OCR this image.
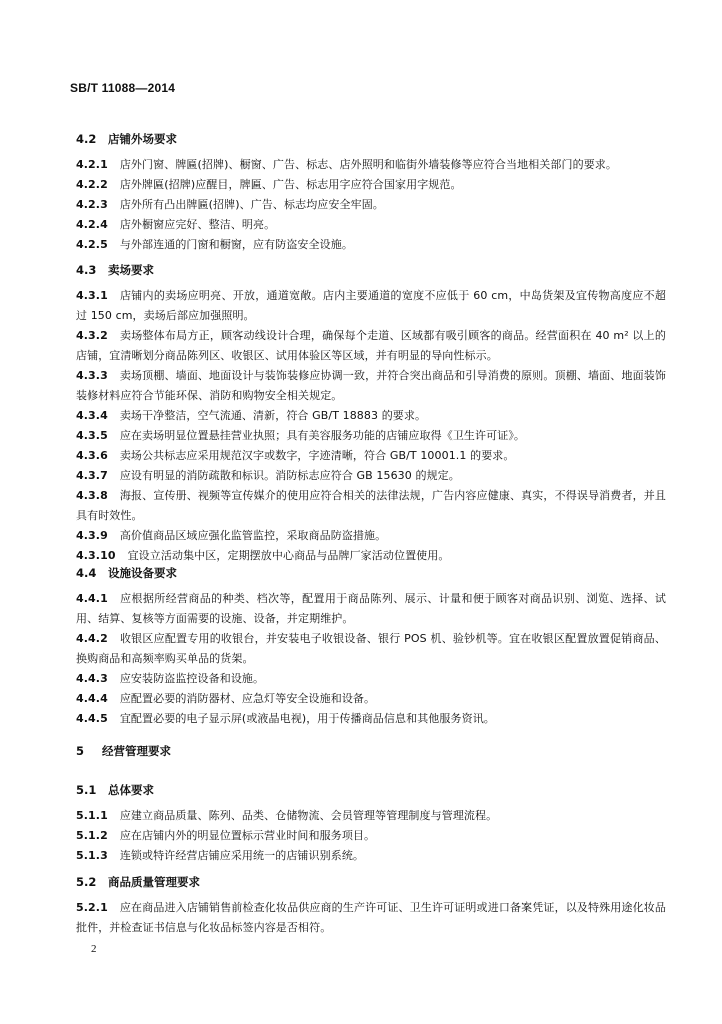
SB/T 11088—2014
4.2 店铺外场要求
4.2.1 店外门窗、牌匾(招牌)、橱窗、广告、标志、店外照明和临街外墙装修等应符合当地相关部门的要求。
4.2.2 店外牌匾(招牌)应醒目，牌匾、广告、标志用字应符合国家用字规范。
4.2.3 店外所有凸出牌匾(招牌)、广告、标志均应安全牢固。
4.2.4 店外橱窗应完好、整洁、明亮。
4.2.5 与外部连通的门窗和橱窗，应有防盗安全设施。
4.3 卖场要求
4.3.1 店铺内的卖场应明亮、开放，通道宽敞。店内主要通道的宽度不应低于 60 cm，中岛货架及宜传物高度应不超过 150 cm，卖场后部应加强照明。
4.3.2 卖场整体布局方正，顾客动线设计合理，确保每个走道、区域都有吸引顾客的商品。经营面积在 40 m² 以上的店铺，宜清晰划分商品陈列区、收银区、试用体验区等区域，并有明显的导向性标示。
4.3.3 卖场顶棚、墙面、地面设计与装饰装修应协调一致，并符合突出商品和引导消费的原则。顶棚、墙面、地面装饰装修材料应符合节能环保、消防和购物安全相关规定。
4.3.4 卖场干净整洁，空气流通、清新，符合 GB/T 18883 的要求。
4.3.5 应在卖场明显位置悬挂营业执照；具有美容服务功能的店铺应取得《卫生许可证》。
4.3.6 卖场公共标志应采用规范汉字或数字，字迹清晰，符合 GB/T 10001.1 的要求。
4.3.7 应设有明显的消防疏散和标识。消防标志应符合 GB 15630 的规定。
4.3.8 海报、宣传册、视频等宣传媒介的使用应符合相关的法律法规，广告内容应健康、真实，不得误导消费者，并且具有时效性。
4.3.9 高价值商品区域应强化监管监控，采取商品防盗措施。
4.3.10 宜设立活动集中区，定期摆放中心商品与品牌厂家活动位置使用。
4.4 设施设备要求
4.4.1 应根据所经营商品的种类、档次等，配置用于商品陈列、展示、计量和便于顾客对商品识别、浏览、选择、试用、结算、复核等方面需要的设施、设备，并定期维护。
4.4.2 收银区应配置专用的收银台，并安装电子收银设备、银行 POS 机、验钞机等。宜在收银区配置放置促销商品、换购商品和高频率购买单品的货架。
4.4.3 应安装防盗监控设备和设施。
4.4.4 应配置必要的消防器材、应急灯等安全设施和设备。
4.4.5 宜配置必要的电子显示屏(或液晶电视)，用于传播商品信息和其他服务资讯。
5 经营管理要求
5.1 总体要求
5.1.1 应建立商品质量、陈列、品类、仓储物流、会员管理等管理制度与管理流程。
5.1.2 应在店铺内外的明显位置标示营业时间和服务项目。
5.1.3 连锁或特许经营店铺应采用统一的店铺识别系统。
5.2 商品质量管理要求
5.2.1 应在商品进入店铺销售前检查化妆品供应商的生产许可证、卫生许可证明或进口备案凭证，以及特殊用途化妆品批件，并检查证书信息与化妆品标签内容是否相符。
2
